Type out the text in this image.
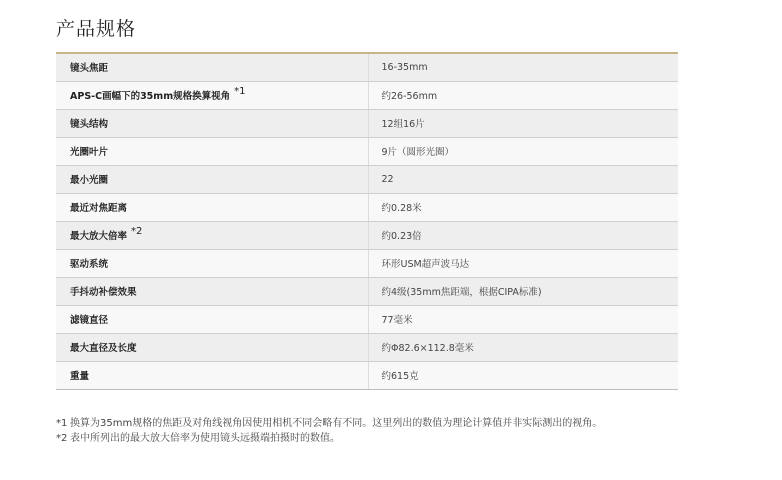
产品规格
镜头焦距	16-35mm
APS-C画幅下的35mm规格换算视角 *1	约26-56mm
镜头结构	12组16片
光圈叶片	9片（圆形光圈）
最小光圈	22
最近对焦距离	约0.28米
最大放大倍率 *2	约0.23倍
驱动系统	环形USM超声波马达
手抖动补偿效果	约4级(35mm焦距端，根据CIPA标准)
滤镜直径	77毫米
最大直径及长度	约Φ82.6×112.8毫米
重量	约615克
*1 换算为35mm规格的焦距及对角线视角因使用相机不同会略有不同。这里列出的数值为理论计算值并非实际测出的视角。
*2 表中所列出的最大放大倍率为使用镜头远摄端拍摄时的数值。
